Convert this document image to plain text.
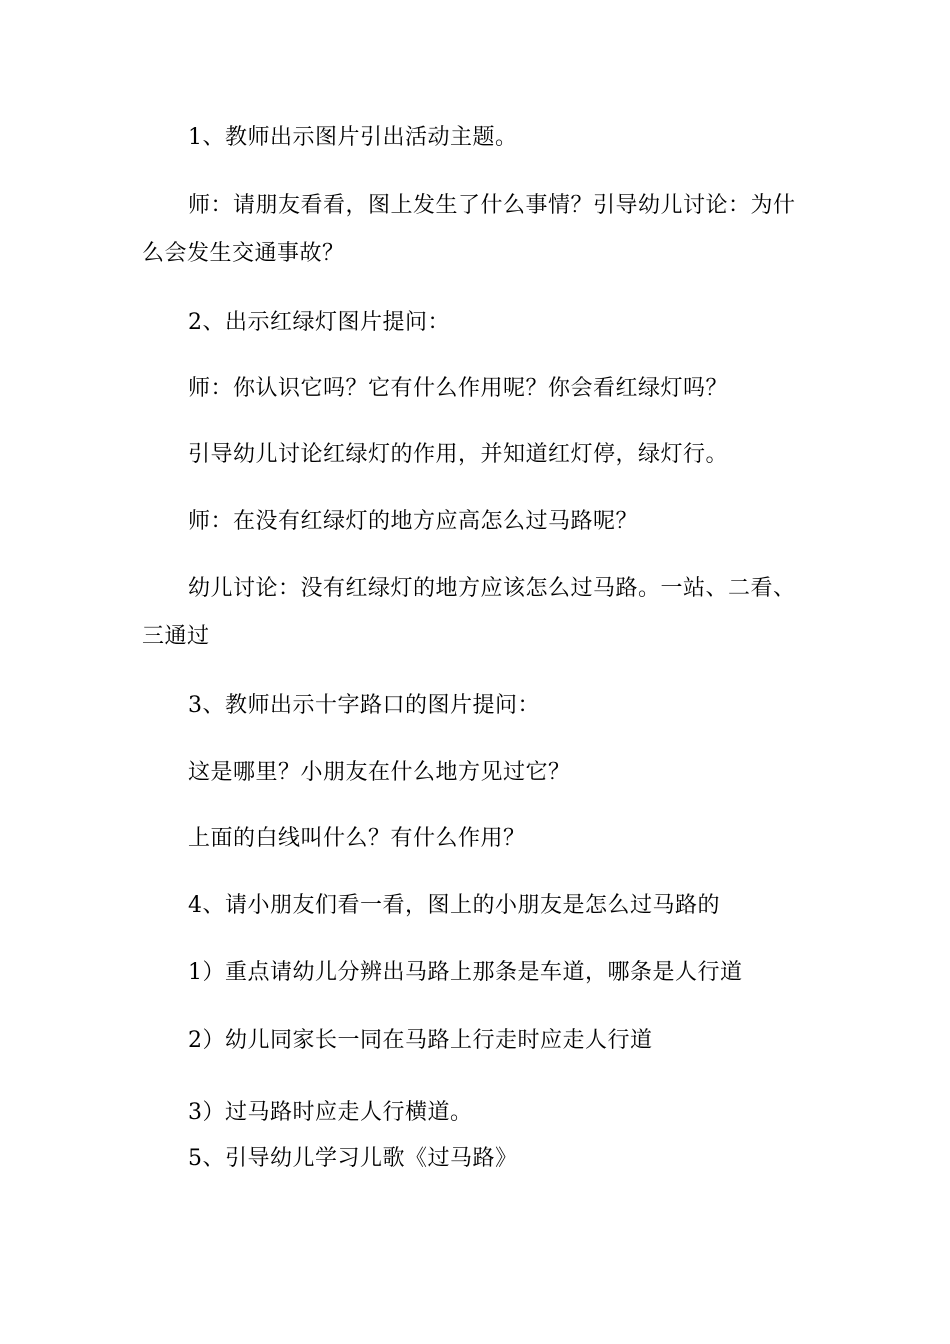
1、教师出示图片引出活动主题。

师：请朋友看看，图上发生了什么事情？引导幼儿讨论：为什么会发生交通事故？

2、出示红绿灯图片提问：

师：你认识它吗？它有什么作用呢？你会看红绿灯吗？

引导幼儿讨论红绿灯的作用，并知道红灯停，绿灯行。

师：在没有红绿灯的地方应高怎么过马路呢？

幼儿讨论：没有红绿灯的地方应该怎么过马路。一站、二看、三通过

3、教师出示十字路口的图片提问：

这是哪里？小朋友在什么地方见过它？

上面的白线叫什么？有什么作用？

4、请小朋友们看一看，图上的小朋友是怎么过马路的

1）重点请幼儿分辨出马路上那条是车道，哪条是人行道

2）幼儿同家长一同在马路上行走时应走人行道

3）过马路时应走人行横道。

5、引导幼儿学习儿歌《过马路》
